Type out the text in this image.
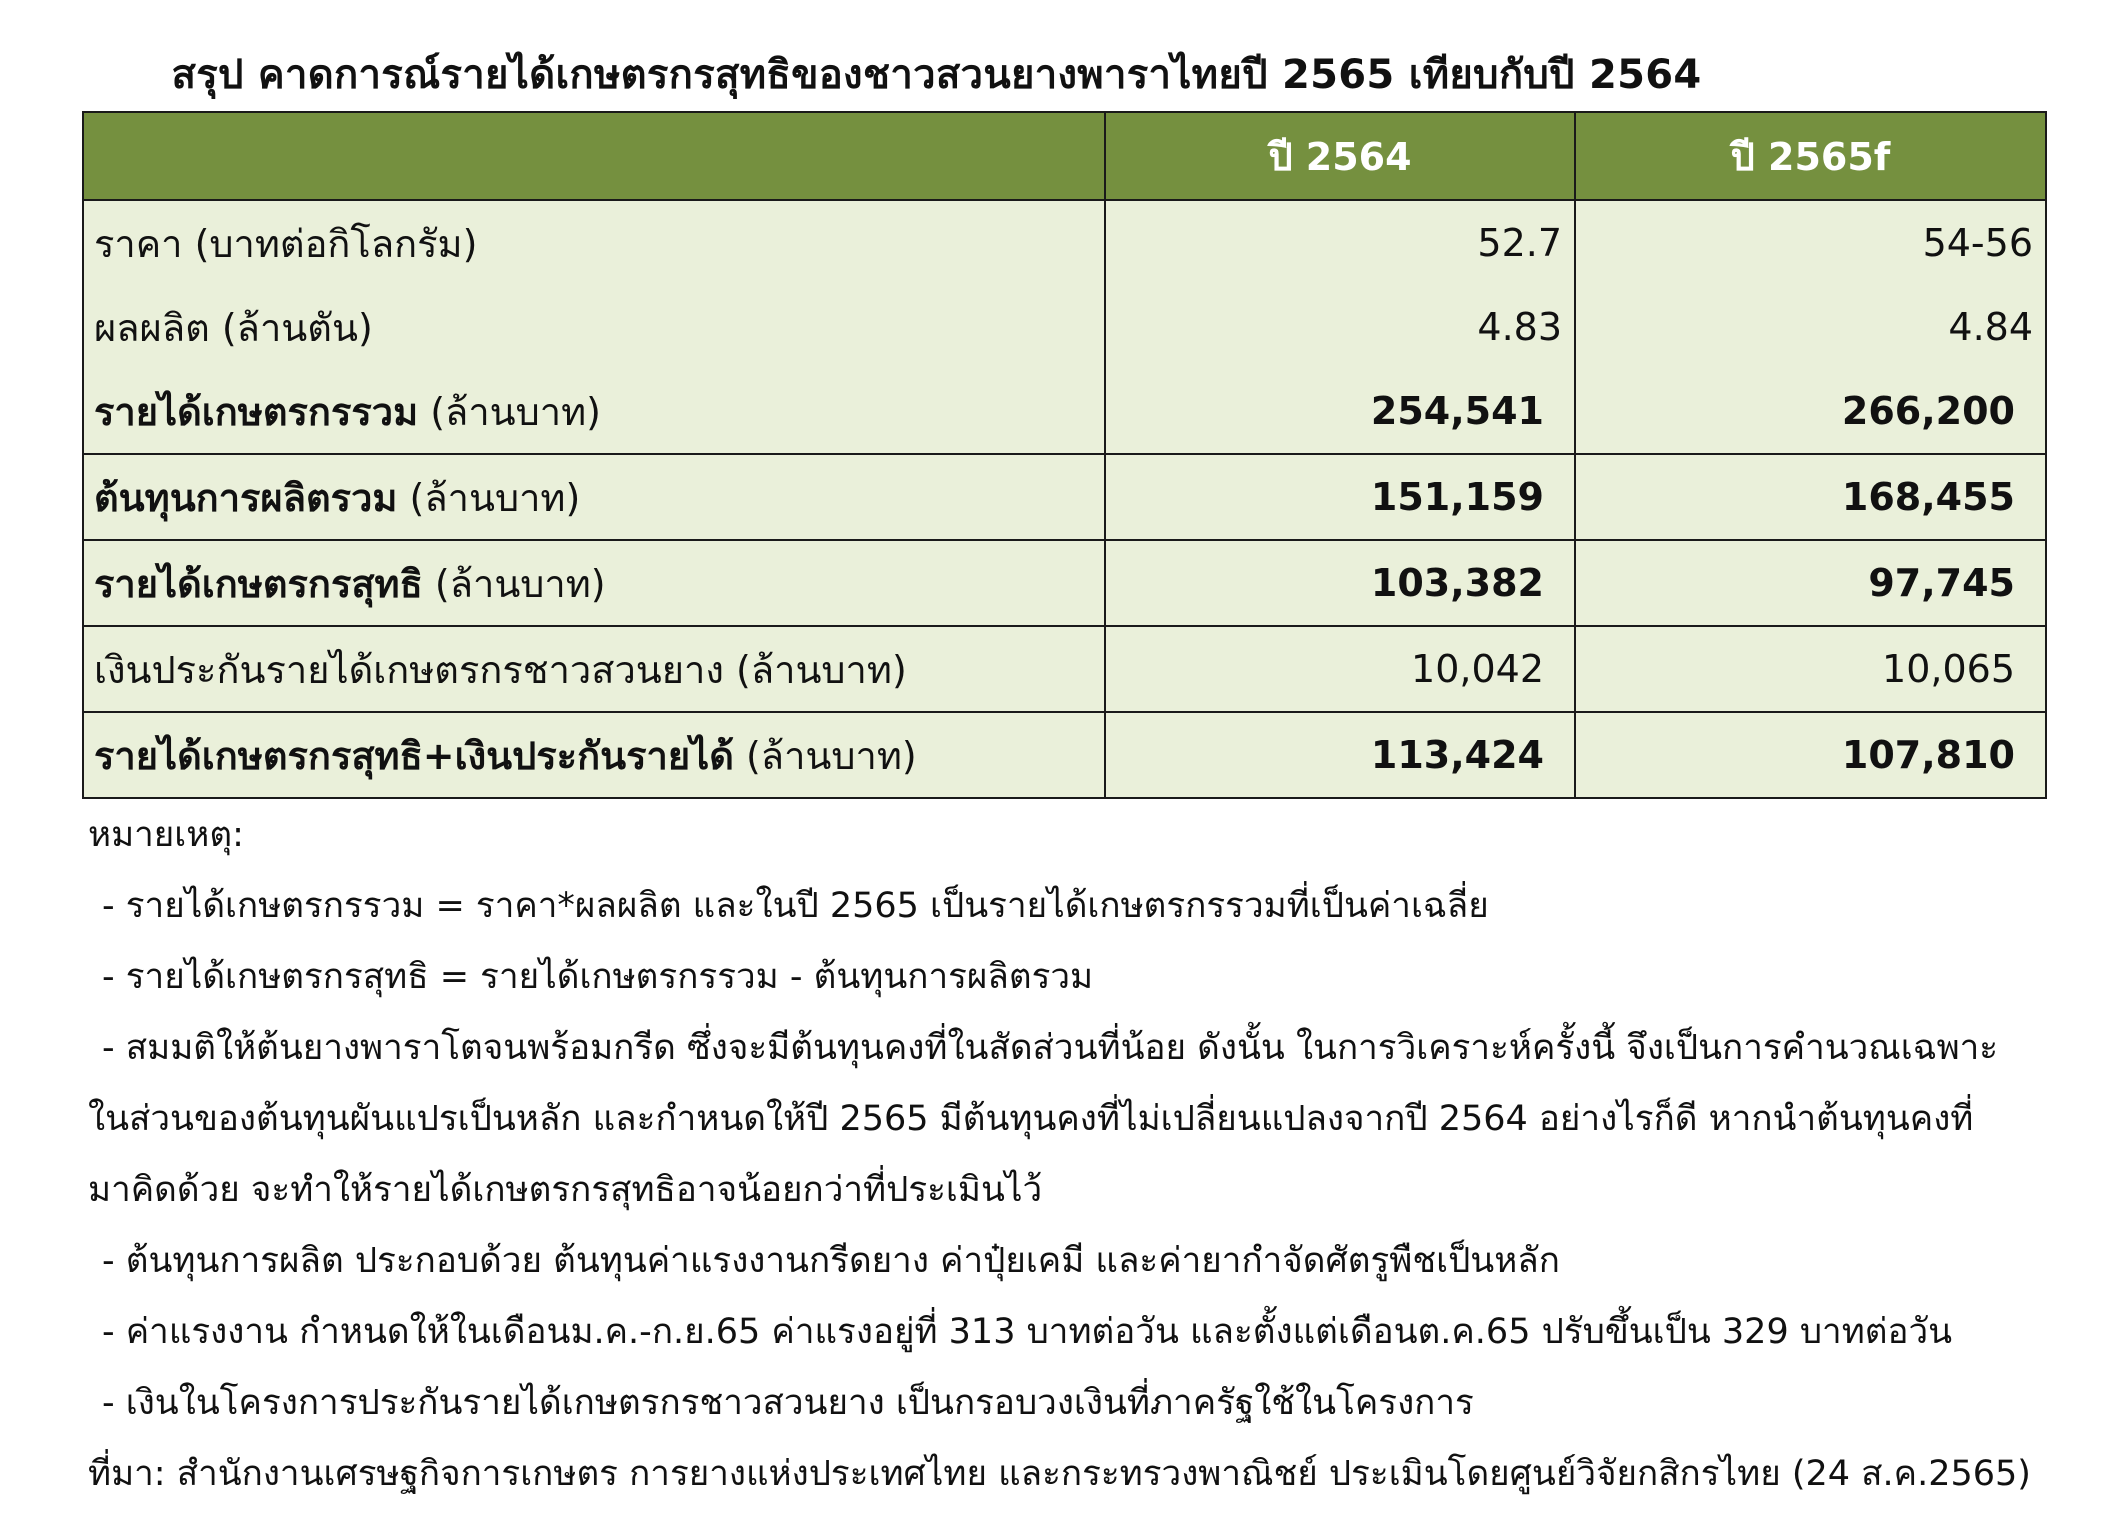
สรุป คาดการณ์รายได้เกษตรกรสุทธิของชาวสวนยางพาราไทยปี 2565 เทียบกับปี 2564
	ปี 2564	ปี 2565f
ราคา (บาทต่อกิโลกรัม)	52.7	54-56
ผลผลิต (ล้านตัน)	4.83	4.84
รายได้เกษตรกรรวม (ล้านบาท)	254,541	266,200
ต้นทุนการผลิตรวม (ล้านบาท)	151,159	168,455
รายได้เกษตรกรสุทธิ (ล้านบาท)	103,382	97,745
เงินประกันรายได้เกษตรกรชาวสวนยาง (ล้านบาท)	10,042	10,065
รายได้เกษตรกรสุทธิ+เงินประกันรายได้ (ล้านบาท)	113,424	107,810
หมายเหตุ:
- รายได้เกษตรกรรวม = ราคา*ผลผลิต และในปี 2565 เป็นรายได้เกษตรกรรวมที่เป็นค่าเฉลี่ย
- รายได้เกษตรกรสุทธิ = รายได้เกษตรกรรวม - ต้นทุนการผลิตรวม
- สมมติให้ต้นยางพาราโตจนพร้อมกรีด ซึ่งจะมีต้นทุนคงที่ในสัดส่วนที่น้อย ดังนั้น ในการวิเคราะห์ครั้งนี้ จึงเป็นการคำนวณเฉพาะ
ในส่วนของต้นทุนผันแปรเป็นหลัก และกำหนดให้ปี 2565 มีต้นทุนคงที่ไม่เปลี่ยนแปลงจากปี 2564 อย่างไรก็ดี หากนำต้นทุนคงที่
มาคิดด้วย จะทำให้รายได้เกษตรกรสุทธิอาจน้อยกว่าที่ประเมินไว้
- ต้นทุนการผลิต ประกอบด้วย ต้นทุนค่าแรงงานกรีดยาง ค่าปุ๋ยเคมี และค่ายากำจัดศัตรูพืชเป็นหลัก
- ค่าแรงงาน กำหนดให้ในเดือนม.ค.-ก.ย.65 ค่าแรงอยู่ที่ 313 บาทต่อวัน และตั้งแต่เดือนต.ค.65 ปรับขึ้นเป็น 329 บาทต่อวัน
- เงินในโครงการประกันรายได้เกษตรกรชาวสวนยาง เป็นกรอบวงเงินที่ภาครัฐใช้ในโครงการ
ที่มา: สำนักงานเศรษฐกิจการเกษตร การยางแห่งประเทศไทย และกระทรวงพาณิชย์ ประเมินโดยศูนย์วิจัยกสิกรไทย (24 ส.ค.2565)
